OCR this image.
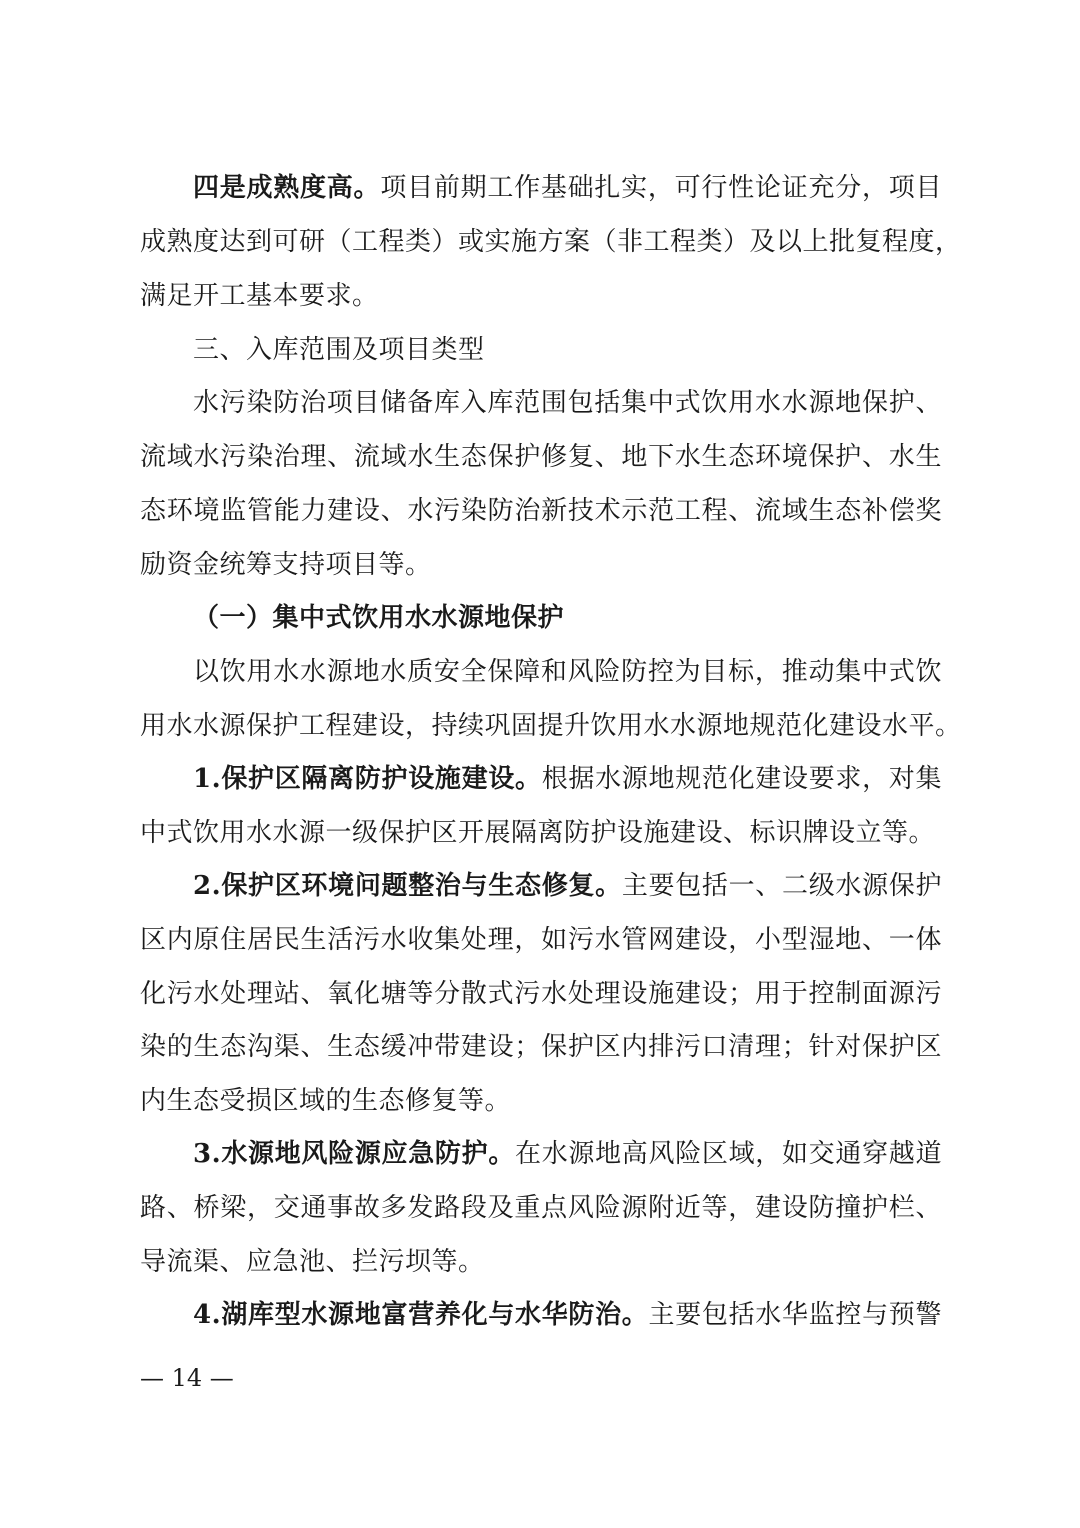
四是成熟度高。项目前期工作基础扎实，可行性论证充分，项目
成熟度达到可研（工程类）或实施方案（非工程类）及以上批复程度，
满足开工基本要求。
三、入库范围及项目类型
水污染防治项目储备库入库范围包括集中式饮用水水源地保护、
流域水污染治理、流域水生态保护修复、地下水生态环境保护、水生
态环境监管能力建设、水污染防治新技术示范工程、流域生态补偿奖
励资金统筹支持项目等。
（一）集中式饮用水水源地保护
以饮用水水源地水质安全保障和风险防控为目标，推动集中式饮
用水水源保护工程建设，持续巩固提升饮用水水源地规范化建设水平。
1.保护区隔离防护设施建设。根据水源地规范化建设要求，对集
中式饮用水水源一级保护区开展隔离防护设施建设、标识牌设立等。
2.保护区环境问题整治与生态修复。主要包括一、二级水源保护
区内原住居民生活污水收集处理，如污水管网建设，小型湿地、一体
化污水处理站、氧化塘等分散式污水处理设施建设；用于控制面源污
染的生态沟渠、生态缓冲带建设；保护区内排污口清理；针对保护区
内生态受损区域的生态修复等。
3.水源地风险源应急防护。在水源地高风险区域，如交通穿越道
路、桥梁，交通事故多发路段及重点风险源附近等，建设防撞护栏、
导流渠、应急池、拦污坝等。
4.湖库型水源地富营养化与水华防治。主要包括水华监控与预警
— 14 —
